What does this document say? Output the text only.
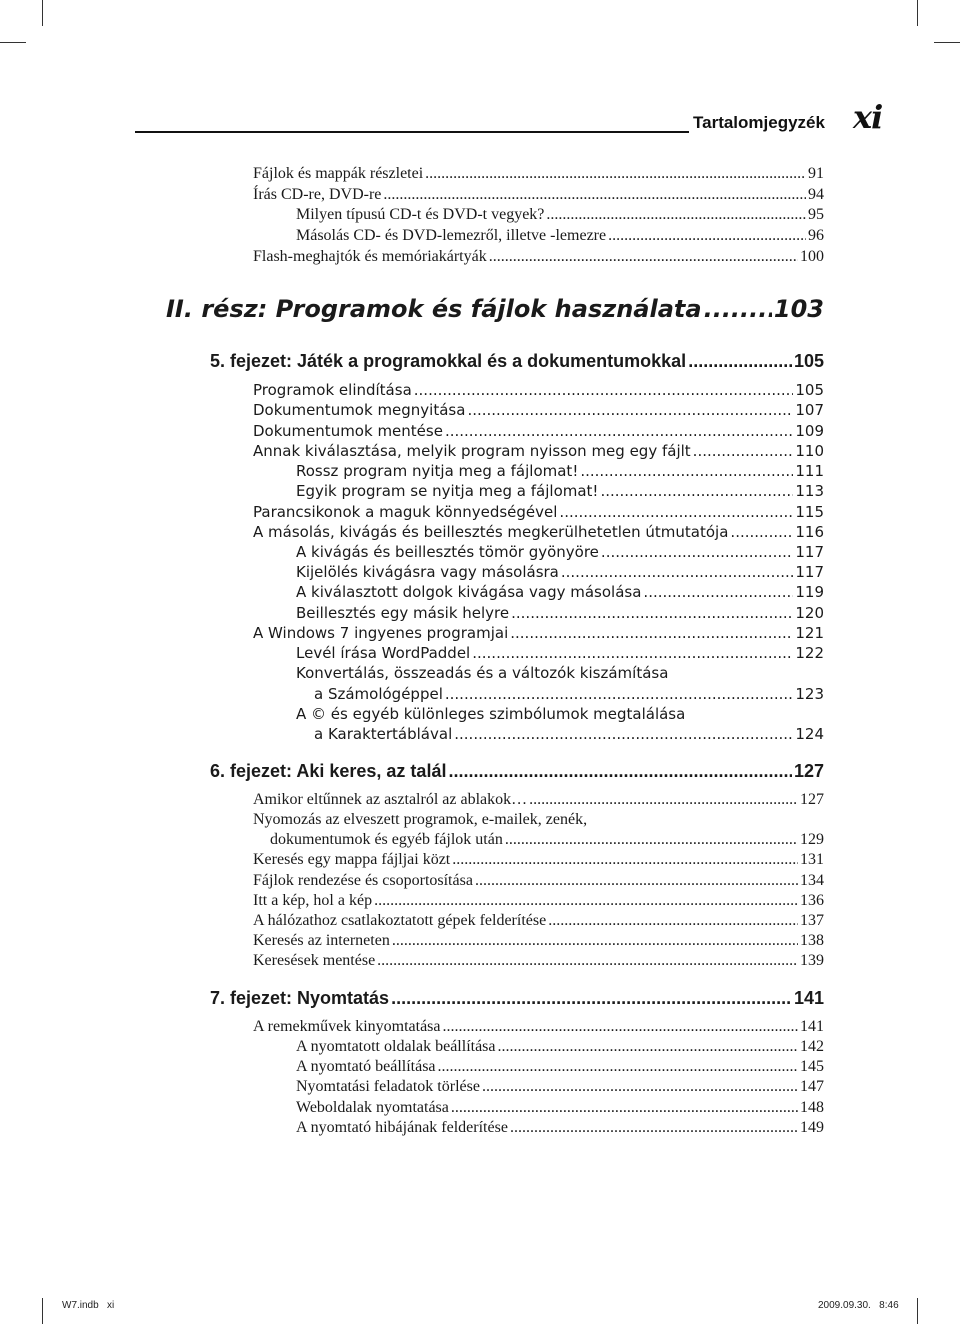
Tartalomjegyzék xi
Fájlok és mappák részletei .....	91
Írás CD-re, DVD-re .....	94
Milyen típusú CD-t és DVD-t vegyek? .....	95
Másolás CD- és DVD-lemezről, illetve -lemezre .....	96
Flash-meghajtók és memóriakártyák .....	100
II. rész: Programok és fájlok használata .....	103
5. fejezet: Játék a programokkal és a dokumentumokkal .....	105
Programok elindítása .....	105
Dokumentumok megnyitása .....	107
Dokumentumok mentése .....	109
Annak kiválasztása, melyik program nyisson meg egy fájlt .....	110
Rossz program nyitja meg a fájlomat! .....	111
Egyik program se nyitja meg a fájlomat! .....	113
Parancsikonok a maguk könnyedségével .....	115
A másolás, kivágás és beillesztés megkerülhetetlen útmutatója .....	116
A kivágás és beillesztés tömör gyönyöre .....	117
Kijelölés kivágásra vagy másolásra .....	117
A kiválasztott dolgok kivágása vagy másolása .....	119
Beillesztés egy másik helyre .....	120
A Windows 7 ingyenes programjai .....	121
Levél írása WordPaddel .....	122
Konvertálás, összeadás és a változók kiszámítása
a Számológéppel .....	123
A © és egyéb különleges szimbólumok megtalálása
a Karaktertáblával .....	124
6. fejezet: Aki keres, az talál .....	127
Amikor eltűnnek az asztalról az ablakok… .....	127
Nyomozás az elveszett programok, e-mailek, zenék,
dokumentumok és egyéb fájlok után .....	129
Keresés egy mappa fájljai közt .....	131
Fájlok rendezése és csoportosítása .....	134
Itt a kép, hol a kép .....	136
A hálózathoz csatlakoztatott gépek felderítése .....	137
Keresés az interneten .....	138
Keresések mentése .....	139
7. fejezet: Nyomtatás .....	141
A remekművek kinyomtatása .....	141
A nyomtatott oldalak beállítása .....	142
A nyomtató beállítása .....	145
Nyomtatási feladatok törlése .....	147
Weboldalak nyomtatása .....	148
A nyomtató hibájának felderítése .....	149
W7.indb   xi	2009.09.30.   8:46
